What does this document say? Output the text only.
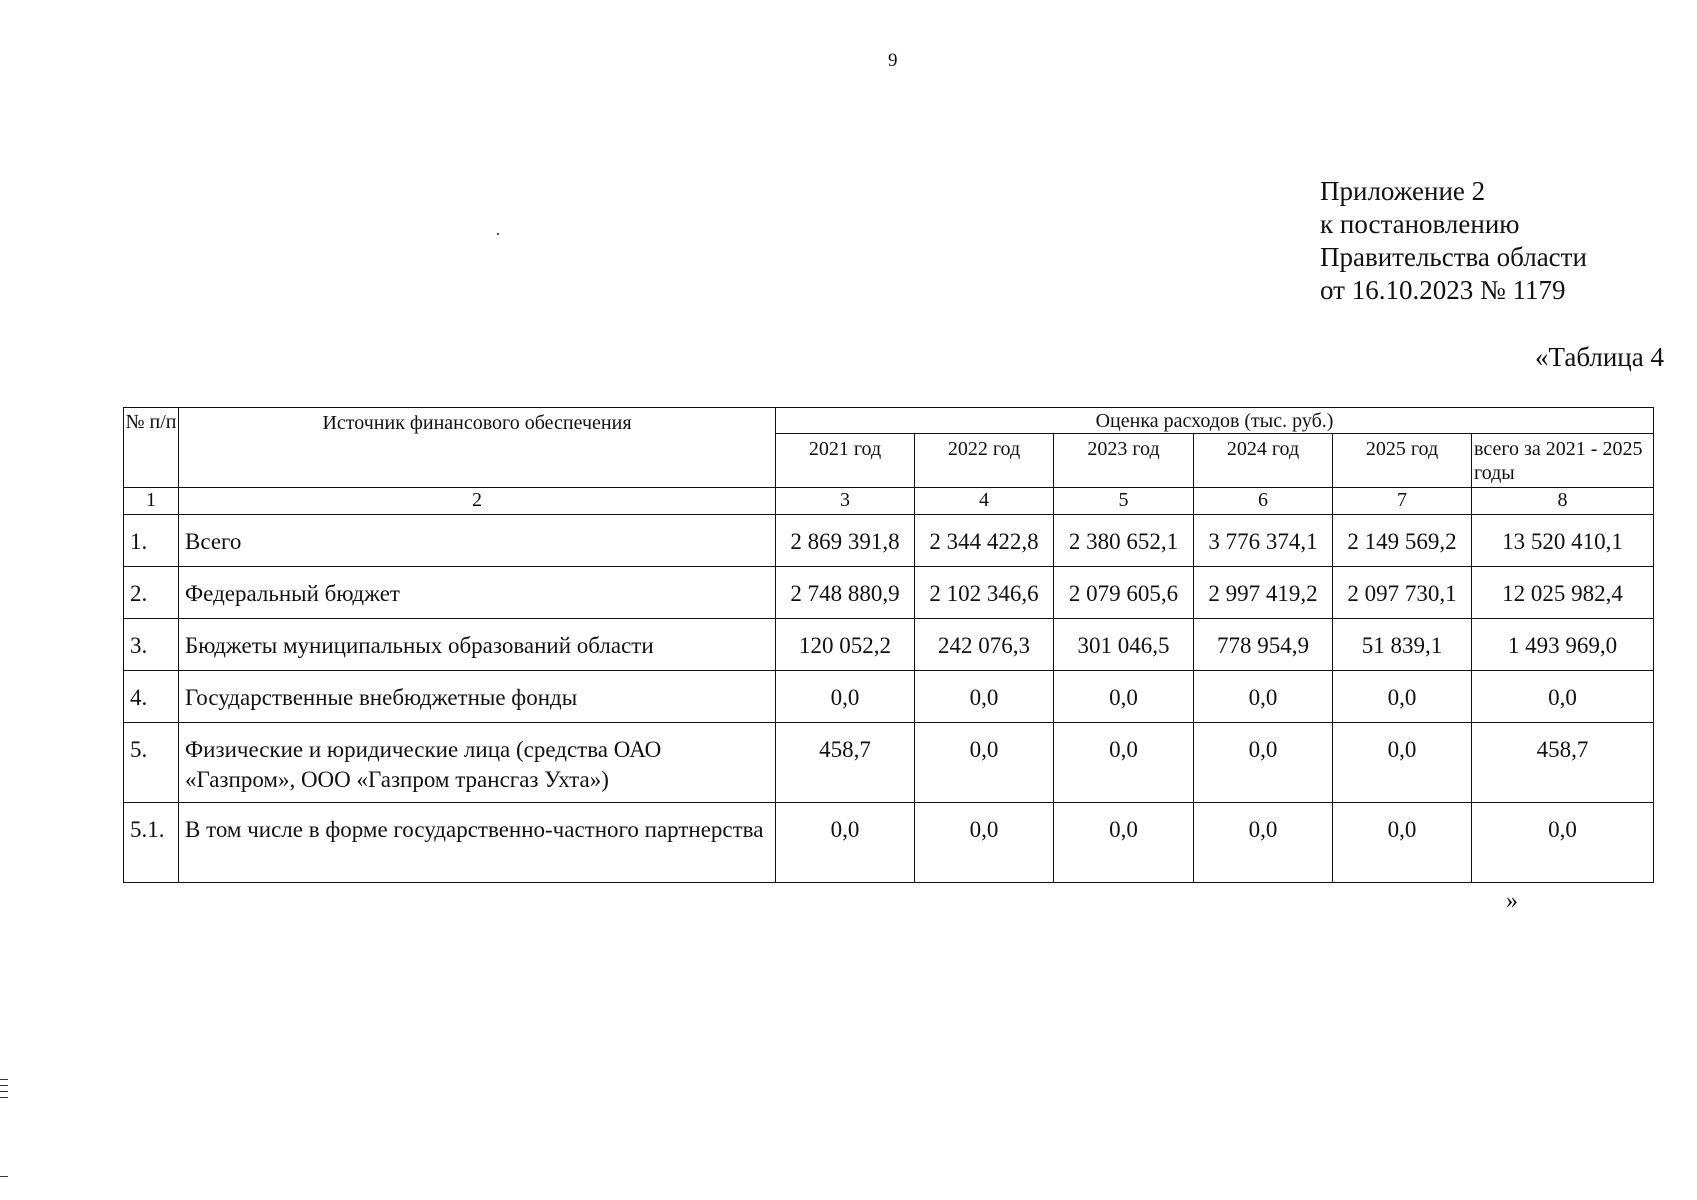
9
Приложение 2
к постановлению
Правительства области
от 16.10.2023 № 1179
«Таблица 4
№ п/п	Источник финансового обеспечения	Оценка расходов (тыс. руб.)					
		2021 год	2022 год	2023 год	2024 год	2025 год	всего за 2021 - 2025 годы
1	2	3	4	5	6	7	8
1.	Всего	2 869 391,8	2 344 422,8	2 380 652,1	3 776 374,1	2 149 569,2	13 520 410,1
2.	Федеральный бюджет	2 748 880,9	2 102 346,6	2 079 605,6	2 997 419,2	2 097 730,1	12 025 982,4
3.	Бюджеты муниципальных образований области	120 052,2	242 076,3	301 046,5	778 954,9	51 839,1	1 493 969,0
4.	Государственные внебюджетные фонды	0,0	0,0	0,0	0,0	0,0	0,0
5.	Физические и юридические лица (средства ОАО «Газпром», ООО «Газпром трансгаз Ухта»)	458,7	0,0	0,0	0,0	0,0	458,7
5.1.	В том числе в форме государственно-частного партнерства	0,0	0,0	0,0	0,0	0,0	0,0
»
